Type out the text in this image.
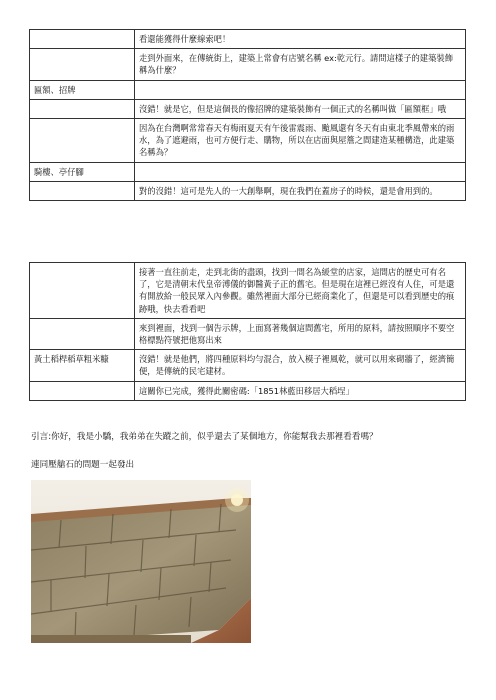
	看還能獲得什麼線索吧！
	走到外面來，在傳統街上，建築上常會有店號名稱 ex:乾元行。請問這樣子的建築裝飾稱為什麼？
匾額、招牌	
	沒錯！就是它，但是這個長的像招牌的建築裝飾有一個正式的名稱叫做「匾額框」哦
	因為在台灣啊常常春天有梅雨夏天有午後雷震雨、颱風還有冬天有由東北季風帶來的雨水，為了遮避雨，也可方便行走、購物，所以在店面與屋簷之間建造某種構造，此建築名稱為？
騎樓、亭仔腳	
	對的沒錯！這可是先人的一大創舉啊，現在我們在蓋房子的時候，還是會用到的。
	接著一直往前走，走到北街的盡頭，找到一間名為緩堂的店家，這間店的歷史可有名了，它是清朝末代皇帝溥儀的御醫黃子正的舊宅。但是現在這裡已經沒有人住，可是還有開放給一般民眾入內參觀。雖然裡面大部分已經商業化了，但還是可以看到歷史的痕跡哦，快去看看吧
	來到裡面，找到一個告示牌，上面寫著幾個這間舊宅，所用的原料，請按照順序不要空格標點符號把他寫出來
黃土稻桿稻草粗米糠	沒錯！就是他們，將四種原料均勻混合，放入模子裡風乾，就可以用來砌牆了，經濟簡便，是傳統的民宅建材。
	這關你已完成，獲得此關密碼:「1851林藍田移居大稻埕」
引言:你好，我是小驕，我弟弟在失蹤之前，似乎還去了某個地方，你能幫我去那裡看看嗎？
連同壓艙石的問題一起發出
